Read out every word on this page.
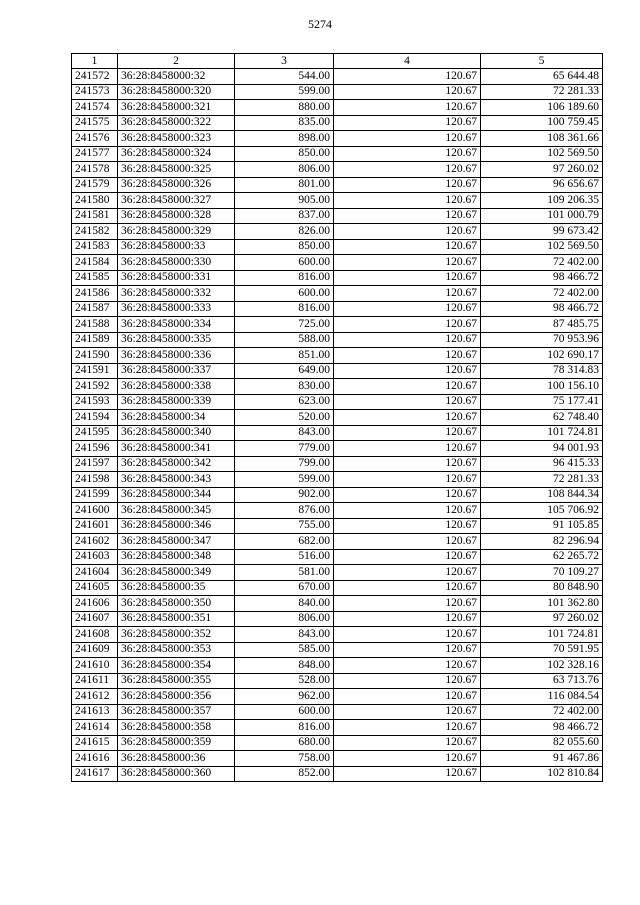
5274
1	2	3	4	5
241572	36:28:8458000:32	544.00	120.67	65 644.48
241573	36:28:8458000:320	599.00	120.67	72 281.33
241574	36:28:8458000:321	880.00	120.67	106 189.60
241575	36:28:8458000:322	835.00	120.67	100 759.45
241576	36:28:8458000:323	898.00	120.67	108 361.66
241577	36:28:8458000:324	850.00	120.67	102 569.50
241578	36:28:8458000:325	806.00	120.67	97 260.02
241579	36:28:8458000:326	801.00	120.67	96 656.67
241580	36:28:8458000:327	905.00	120.67	109 206.35
241581	36:28:8458000:328	837.00	120.67	101 000.79
241582	36:28:8458000:329	826.00	120.67	99 673.42
241583	36:28:8458000:33	850.00	120.67	102 569.50
241584	36:28:8458000:330	600.00	120.67	72 402.00
241585	36:28:8458000:331	816.00	120.67	98 466.72
241586	36:28:8458000:332	600.00	120.67	72 402.00
241587	36:28:8458000:333	816.00	120.67	98 466.72
241588	36:28:8458000:334	725.00	120.67	87 485.75
241589	36:28:8458000:335	588.00	120.67	70 953.96
241590	36:28:8458000:336	851.00	120.67	102 690.17
241591	36:28:8458000:337	649.00	120.67	78 314.83
241592	36:28:8458000:338	830.00	120.67	100 156.10
241593	36:28:8458000:339	623.00	120.67	75 177.41
241594	36:28:8458000:34	520.00	120.67	62 748.40
241595	36:28:8458000:340	843.00	120.67	101 724.81
241596	36:28:8458000:341	779.00	120.67	94 001.93
241597	36:28:8458000:342	799.00	120.67	96 415.33
241598	36:28:8458000:343	599.00	120.67	72 281.33
241599	36:28:8458000:344	902.00	120.67	108 844.34
241600	36:28:8458000:345	876.00	120.67	105 706.92
241601	36:28:8458000:346	755.00	120.67	91 105.85
241602	36:28:8458000:347	682.00	120.67	82 296.94
241603	36:28:8458000:348	516.00	120.67	62 265.72
241604	36:28:8458000:349	581.00	120.67	70 109.27
241605	36:28:8458000:35	670.00	120.67	80 848.90
241606	36:28:8458000:350	840.00	120.67	101 362.80
241607	36:28:8458000:351	806.00	120.67	97 260.02
241608	36:28:8458000:352	843.00	120.67	101 724.81
241609	36:28:8458000:353	585.00	120.67	70 591.95
241610	36:28:8458000:354	848.00	120.67	102 328.16
241611	36:28:8458000:355	528.00	120.67	63 713.76
241612	36:28:8458000:356	962.00	120.67	116 084.54
241613	36:28:8458000:357	600.00	120.67	72 402.00
241614	36:28:8458000:358	816.00	120.67	98 466.72
241615	36:28:8458000:359	680.00	120.67	82 055.60
241616	36:28:8458000:36	758.00	120.67	91 467.86
241617	36:28:8458000:360	852.00	120.67	102 810.84
